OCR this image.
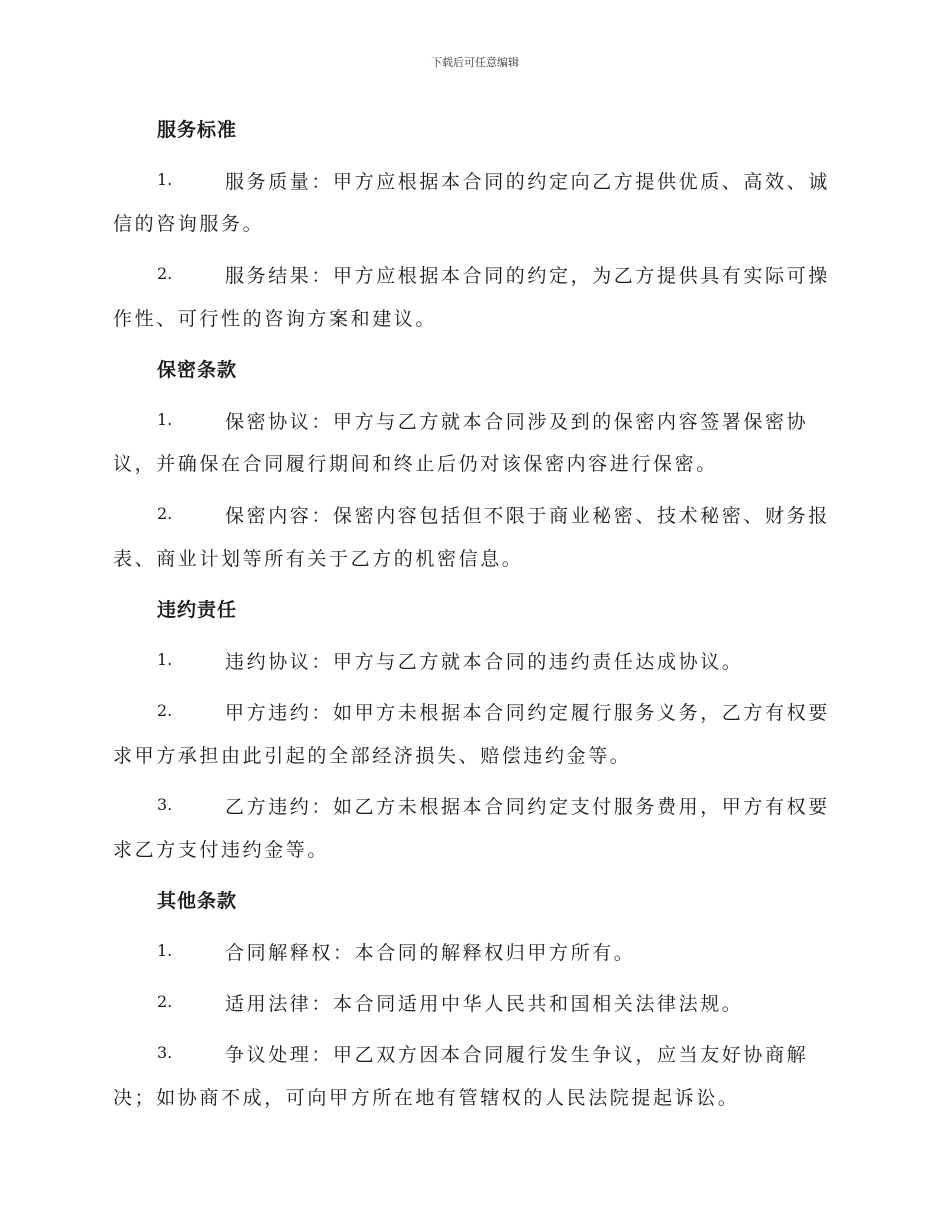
下载后可任意编辑
服务标准
1.	服务质量：甲方应根据本合同的约定向乙方提供优质、高效、诚
信的咨询服务。
2.	服务结果：甲方应根据本合同的约定，为乙方提供具有实际可操
作性、可行性的咨询方案和建议。
保密条款
1.	保密协议：甲方与乙方就本合同涉及到的保密内容签署保密协
议，并确保在合同履行期间和终止后仍对该保密内容进行保密。
2.	保密内容：保密内容包括但不限于商业秘密、技术秘密、财务报
表、商业计划等所有关于乙方的机密信息。
违约责任
1.	违约协议：甲方与乙方就本合同的违约责任达成协议。
2.	甲方违约：如甲方未根据本合同约定履行服务义务，乙方有权要
求甲方承担由此引起的全部经济损失、赔偿违约金等。
3.	乙方违约：如乙方未根据本合同约定支付服务费用，甲方有权要
求乙方支付违约金等。
其他条款
1.	合同解释权：本合同的解释权归甲方所有。
2.	适用法律：本合同适用中华人民共和国相关法律法规。
3.	争议处理：甲乙双方因本合同履行发生争议，应当友好协商解
决；如协商不成，可向甲方所在地有管辖权的人民法院提起诉讼。
